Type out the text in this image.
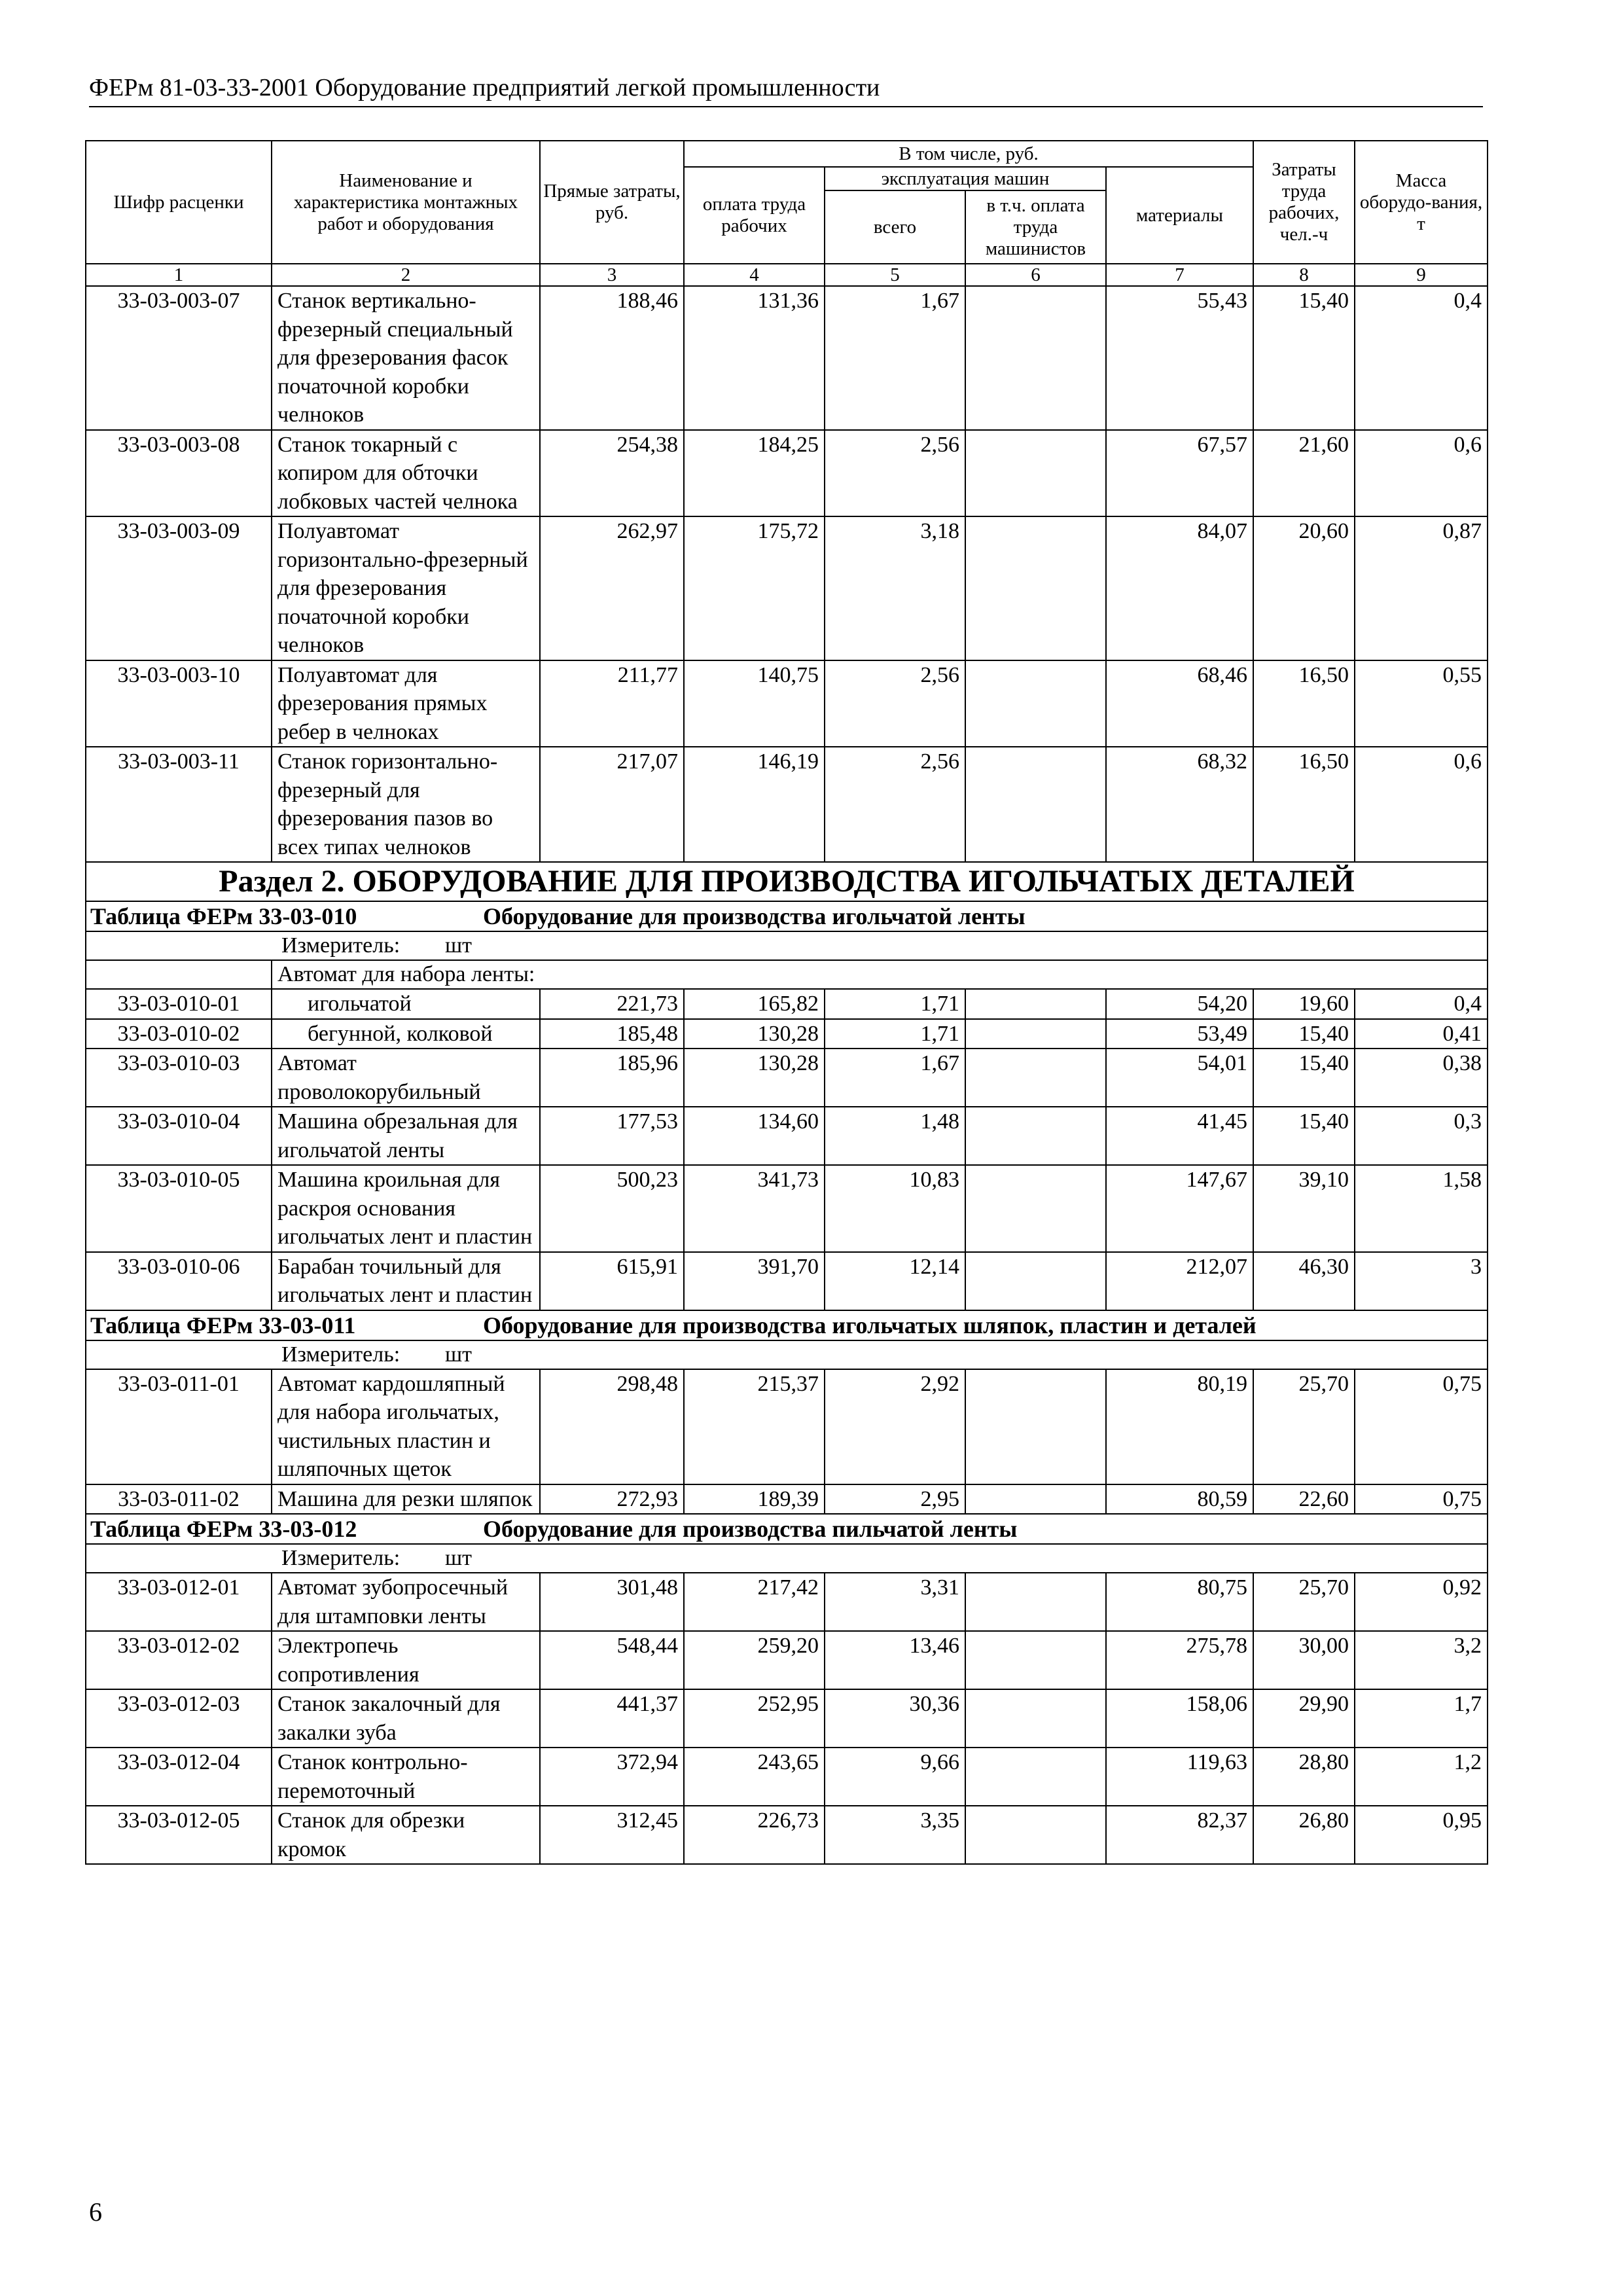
ФЕРм 81-03-33-2001 Оборудование предприятий легкой промышленности
Шифр расценки	Наименование и характеристика монтажных работ и оборудования	Прямые затраты, руб.	В том числе, руб.				Затраты труда рабочих, чел.-ч	Масса оборудо-вания, т
			оплата труда рабочих	эксплуатация машин		материалы		
				всего	в т.ч. оплата труда машинистов			
1	2	3	4	5	6	7	8	9
33-03-003-07	Станок вертикально-фрезерный специальный для фрезерования фасок початочной коробки челноков	188,46	131,36	1,67		55,43	15,40	0,4
33-03-003-08	Станок токарный с копиром для обточки лобковых частей челнока	254,38	184,25	2,56		67,57	21,60	0,6
33-03-003-09	Полуавтомат горизонтально-фрезерный для фрезерования початочной коробки челноков	262,97	175,72	3,18		84,07	20,60	0,87
33-03-003-10	Полуавтомат для фрезерования прямых ребер в челноках	211,77	140,75	2,56		68,46	16,50	0,55
33-03-003-11	Станок горизонтально-фрезерный для фрезерования пазов во всех типах челноков	217,07	146,19	2,56		68,32	16,50	0,6
Раздел 2. ОБОРУДОВАНИЕ ДЛЯ ПРОИЗВОДСТВА ИГОЛЬЧАТЫХ ДЕТАЛЕЙ								
Таблица ФЕРм 33-03-010 Оборудование для производства игольчатой ленты								
Измеритель: шт								
	Автомат для набора ленты:							
33-03-010-01	игольчатой	221,73	165,82	1,71		54,20	19,60	0,4
33-03-010-02	бегунной, колковой	185,48	130,28	1,71		53,49	15,40	0,41
33-03-010-03	Автомат проволокорубильный	185,96	130,28	1,67		54,01	15,40	0,38
33-03-010-04	Машина обрезальная для игольчатой ленты	177,53	134,60	1,48		41,45	15,40	0,3
33-03-010-05	Машина кроильная для раскроя основания игольчатых лент и пластин	500,23	341,73	10,83		147,67	39,10	1,58
33-03-010-06	Барабан точильный для игольчатых лент и пластин	615,91	391,70	12,14		212,07	46,30	3
Таблица ФЕРм 33-03-011 Оборудование для производства игольчатых шляпок, пластин и деталей								
Измеритель: шт								
33-03-011-01	Автомат кардошляпный для набора игольчатых, чистильных пластин и шляпочных щеток	298,48	215,37	2,92		80,19	25,70	0,75
33-03-011-02	Машина для резки шляпок	272,93	189,39	2,95		80,59	22,60	0,75
Таблица ФЕРм 33-03-012 Оборудование для производства пильчатой ленты								
Измеритель: шт								
33-03-012-01	Автомат зубопросечный для штамповки ленты	301,48	217,42	3,31		80,75	25,70	0,92
33-03-012-02	Электропечь сопротивления	548,44	259,20	13,46		275,78	30,00	3,2
33-03-012-03	Станок закалочный для закалки зуба	441,37	252,95	30,36		158,06	29,90	1,7
33-03-012-04	Станок контрольно-перемоточный	372,94	243,65	9,66		119,63	28,80	1,2
33-03-012-05	Станок для обрезки кромок	312,45	226,73	3,35		82,37	26,80	0,95
6
